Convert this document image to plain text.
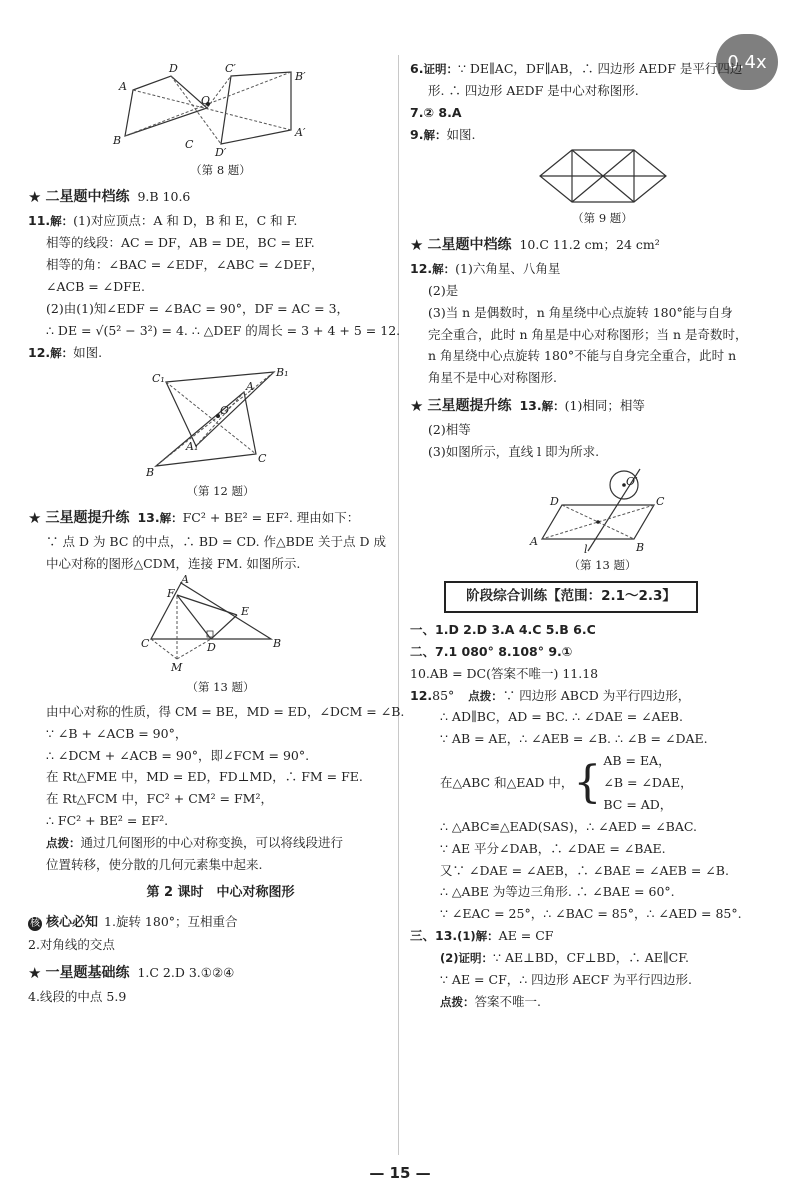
0.4x
A
B	C
D
O
B′
C′
A′
D′
（第 8 题）
★ 二星题中档练 9.B 10.6
11.解：(1)对应顶点：A 和 D，B 和 E，C 和 F.
相等的线段：AC = DF，AB = DE，BC = EF.
相等的角：∠BAC = ∠EDF，∠ABC = ∠DEF，
∠ACB = ∠DFE.
(2)由(1)知∠EDF = ∠BAC = 90°，DF = AC = 3，
∴ DE = √(5² − 3²) = 4. ∴ △DEF 的周长 = 3 + 4 + 5 = 12.
12.解：如图.
C₁	B₁
A
O
A₁
B
C
（第 12 题）
★ 三星题提升练 13. 解： FC² + BE² = EF². 理由如下：
∵ 点 D 为 BC 的中点，∴ BD = CD. 作△BDE 关于点 D 成
中心对称的图形△CDM，连接 FM. 如图所示.
A
F
E
C	D	B
M
（第 13 题）
由中心对称的性质，得 CM = BE，MD = ED，∠DCM = ∠B.
∵ ∠B + ∠ACB = 90°，
∴ ∠DCM + ∠ACB = 90°，即∠FCM = 90°.
在 Rt△FME 中，MD = ED，FD⊥MD，∴ FM = FE.
在 Rt△FCM 中，FC² + CM² = FM²，
∴ FC² + BE² = EF².
点拨：通过几何图形的中心对称变换，可以将线段进行
位置转移，使分散的几何元素集中起来.
第 2 课时　中心对称图形
核 核心必知 1.旋转 180°；互相重合
2.对角线的交点
★ 一星题基础练 1.C 2.D 3.①②④
4.线段的中点 5.9
6.证明：∵ DE∥AC，DF∥AB，∴ 四边形 AEDF 是平行四边
形. ∴ 四边形 AEDF 是中心对称图形.
7.② 8.A
9.解：如图.
（第 9 题）
★ 二星题中档练 10.C 11.2 cm；24 cm²
12.解：(1)六角星、八角星
(2)是
(3)当 n 是偶数时，n 角星绕中心点旋转 180°能与自身
完全重合，此时 n 角星是中心对称图形；当 n 是奇数时，
n 角星绕中心点旋转 180°不能与自身完全重合，此时 n
角星不是中心对称图形.
★ 三星题提升练 13. 解： (1)相同；相等
(2)相等
(3)如图所示，直线 l 即为所求.
D
O′
C
A
l	B
（第 13 题）
阶段综合训练【范围：2.1～2.3】
一、1.D 2.D 3.A 4.C 5.B 6.C
二、7.1 080° 8.108° 9.①
10.AB = DC(答案不唯一) 11.18
12.85° 点拨：∵ 四边形 ABCD 为平行四边形，
∴ AD∥BC，AD = BC. ∴ ∠DAE = ∠AEB.
∵ AB = AE，∴ ∠AEB = ∠B. ∴ ∠B = ∠DAE.
在△ABC 和△EAD 中， { AB = EA，
∠B = ∠DAE，
BC = AD，
∴ △ABC≌△EAD(SAS)，∴ ∠AED = ∠BAC.
∵ AE 平分∠DAB，∴ ∠DAE = ∠BAE.
又∵ ∠DAE = ∠AEB，∴ ∠BAE = ∠AEB = ∠B.
∴ △ABE 为等边三角形. ∴ ∠BAE = 60°.
∵ ∠EAC = 25°，∴ ∠BAC = 85°，∴ ∠AED = 85°.
三、13.(1)解：AE = CF
(2)证明：∵ AE⊥BD，CF⊥BD，∴ AE∥CF.
∵ AE = CF，∴ 四边形 AECF 为平行四边形.
点拨：答案不唯一.
— 15 —
